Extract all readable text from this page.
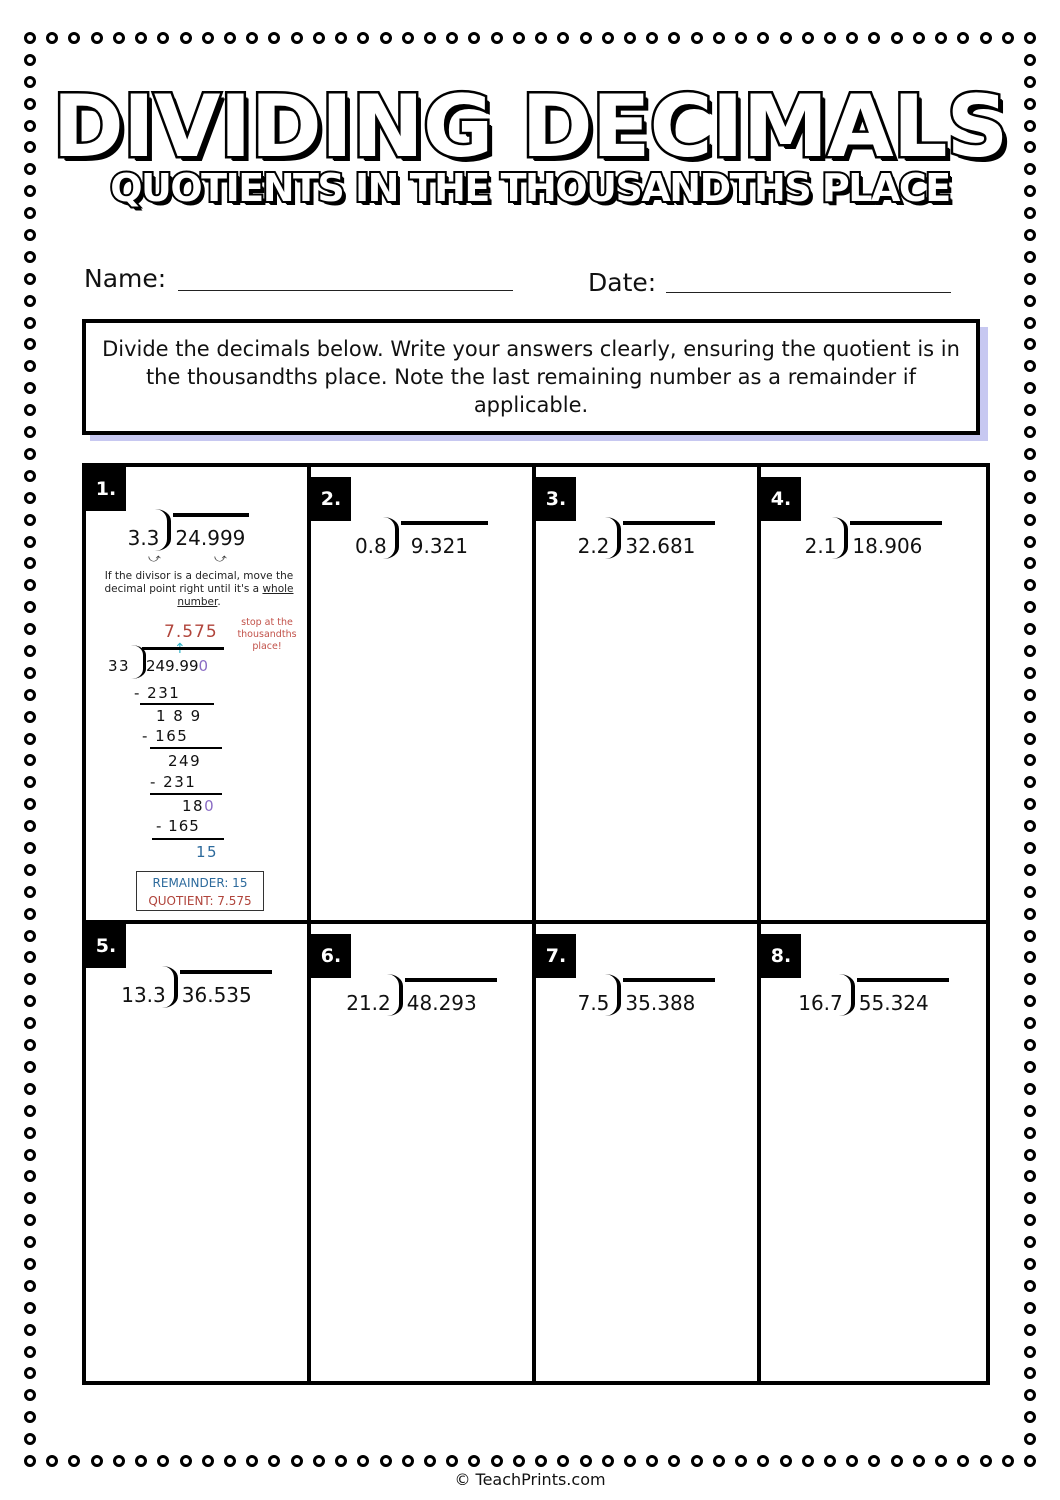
DIVIDING DECIMALS
QUOTIENTS IN THE THOUSANDTHS PLACE
Name:	Date:

Divide the decimals below. Write your answers clearly, ensuring the quotient is in the thousandths place. Note the last remaining number as a remainder if applicable.

1.
3.3 24.999
⤻	⤻
If the divisor is a decimal, move the decimal point right until it's a whole number.
7.575	stop at the thousandths place!
↑
33 249.990
- 231
1 8 9
- 165
249
- 231
180
- 165
15
REMAINDER: 15
QUOTIENT: 7.575
2.
0.8	9.321
3.
2.2 32.681
4.
2.1 18.906
5.
13.3 36.535
6.
21.2 48.293
7.
7.5 35.388
8.
16.7 55.324
© TeachPrints.com
